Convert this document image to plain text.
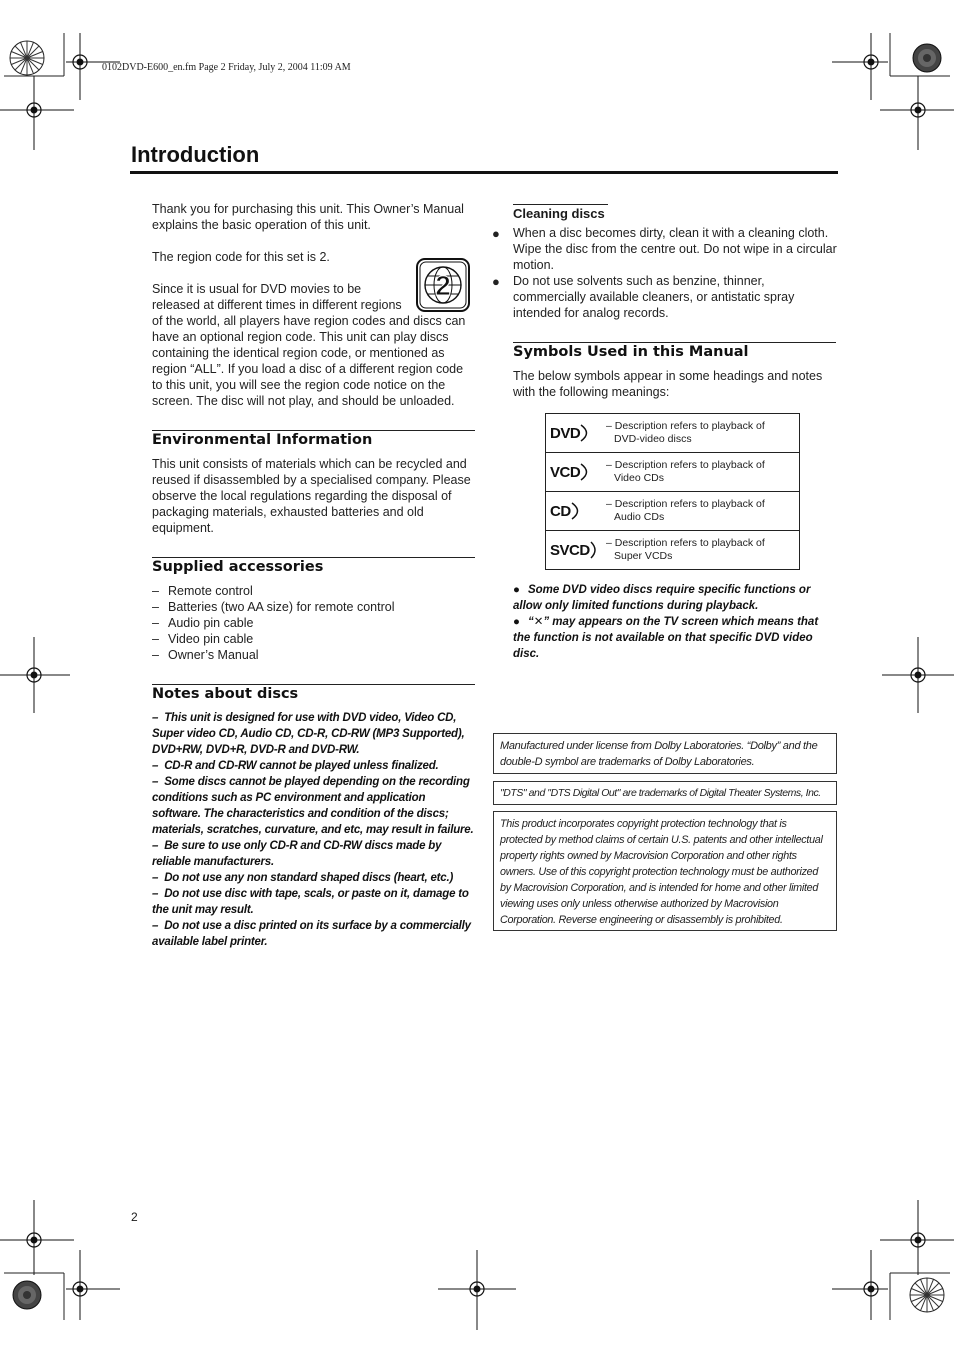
0102DVD-E600_en.fm Page 2 Friday, July 2, 2004 11:09 AM
Introduction
Thank you for purchasing this unit. This Owner’s Manual explains the basic operation of this unit.
The region code for this set is 2.
Since it is usual for DVD movies to be
released at different times in different regions
of the world, all players have region codes and discs can have an optional region code. This unit can play discs containing the identical region code, or mentioned as region “ALL”. If you load a disc of a different region code to this unit, you will see the region code notice on the screen. The disc will not play, and should be unloaded.
2
Environmental Information
This unit consists of materials which can be recycled and reused if disassembled by a specialised company. Please observe the local regulations regarding the disposal of packaging materials, exhausted batteries and old equipment.
Supplied accessories
– Remote control
– Batteries (two AA size) for remote control
– Audio pin cable
– Video pin cable
– Owner’s Manual
Notes about discs
– This unit is designed for use with DVD video, Video CD, Super video CD, Audio CD, CD-R, CD-RW (MP3 Supported), DVD+RW, DVD+R, DVD-R and DVD-RW.
– CD-R and CD-RW cannot be played unless finalized.
– Some discs cannot be played depending on the recording conditions such as PC environment and application software. The characteristics and condition of the discs; materials, scratches, curvature, and etc, may result in failure.
– Be sure to use only CD-R and CD-RW discs made by reliable manufacturers.
– Do not use any non standard shaped discs (heart, etc.)
– Do not use disc with tape, scals, or paste on it, damage to the unit may result.
– Do not use a disc printed on its surface by a commercially available label printer.
Cleaning discs
● When a disc becomes dirty, clean it with a cleaning cloth. Wipe the disc from the centre out. Do not wipe in a circular motion.
● Do not use solvents such as benzine, thinner, commercially available cleaners, or antistatic spray intended for analog records.
Symbols Used in this Manual
The below symbols appear in some headings and notes with the following meanings:
DVD – Description refers to playback of
DVD-video discs
VCD – Description refers to playback of
Video CDs
CD	– Description refers to playback of
Audio CDs
SVCD – Description refers to playback of
Super VCDs
● Some DVD video discs require specific functions or allow only limited functions during playback.
● “✕” may appears on the TV screen which means that the function is not available on that specific DVD video disc.
Manufactured under license from Dolby Laboratories. “Dolby” and the double-D symbol are trademarks of Dolby Laboratories.
"DTS" and "DTS Digital Out" are trademarks of Digital Theater Systems, Inc.
This product incorporates copyright protection technology that is protected by method claims of certain U.S. patents and other intellectual property rights owned by Macrovision Corporation and other rights owners. Use of this copyright protection technology must be authorized by Macrovision Corporation, and is intended for home and other limited viewing uses only unless otherwise authorized by Macrovision Corporation. Reverse engineering or disassembly is prohibited.
2
